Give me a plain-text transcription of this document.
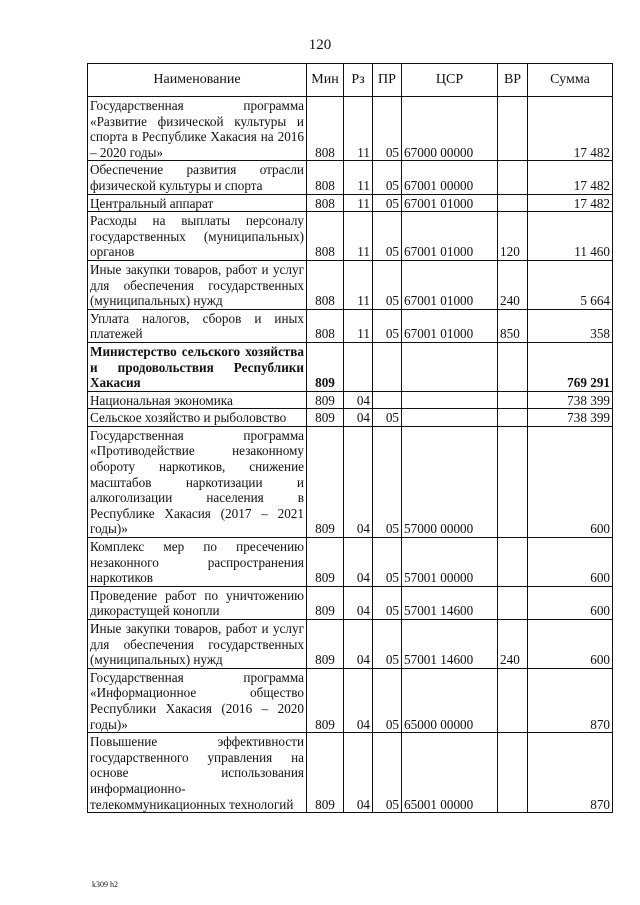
120
Наименование	Мин	Рз	ПР	ЦСР	ВР	Сумма
Государственная программа «Развитие физической культуры и спорта в Республике Хакасия на 2016 – 2020 годы»	808	11	05	67000 00000		17 482
Обеспечение развития отрасли физической культуры и спорта	808	11	05	67001 00000		17 482
Центральный аппарат	808	11	05	67001 01000		17 482
Расходы на выплаты персоналу государственных (муниципальных) органов	808	11	05	67001 01000	120	11 460
Иные закупки товаров, работ и услуг для обеспечения государственных (муниципальных) нужд	808	11	05	67001 01000	240	5 664
Уплата налогов, сборов и иных платежей	808	11	05	67001 01000	850	358
Министерство сельского хозяйства и продовольствия Республики Хакасия	809					769 291
Национальная экономика	809	04				738 399
Сельское хозяйство и рыболовство	809	04	05			738 399
Государственная программа «Противодействие незаконному обороту наркотиков, снижение масштабов наркотизации и алкоголизации населения в Республике Хакасия (2017 – 2021 годы)»	809	04	05	57000 00000		600
Комплекс мер по пресечению незаконного распространения наркотиков	809	04	05	57001 00000		600
Проведение работ по уничтожению дикорастущей конопли	809	04	05	57001 14600		600
Иные закупки товаров, работ и услуг для обеспечения государственных (муниципальных) нужд	809	04	05	57001 14600	240	600
Государственная программа «Информационное общество Республики Хакасия (2016 – 2020 годы)»	809	04	05	65000 00000		870
Повышение эффективности государственного управления на основе использования информационно-телекоммуникационных технологий	809	04	05	65001 00000		870
k309 h2
